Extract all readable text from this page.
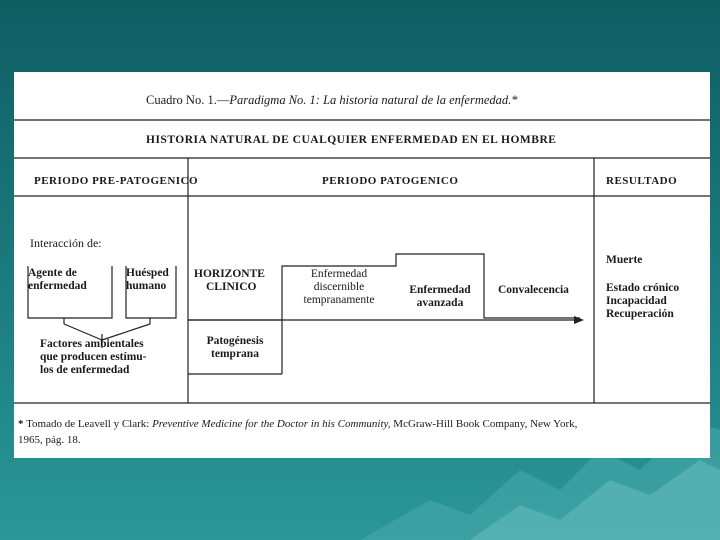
Cuadro No. 1.—Paradigma No. 1: La historia natural de la enfermedad.*
HISTORIA NATURAL DE CUALQUIER ENFERMEDAD EN EL HOMBRE
PERIODO PRE-PATOGENICO	PERIODO PATOGENICO	RESULTADO
Interacción de:
Agente de
enfermedad
Huésped
humano
Factores ambientales
que producen estímu-
los de enfermedad
HORIZONTE
CLINICO
Enfermedad
discernible
tempranamente
Enfermedad
avanzada
Convalecencia
Patogénesis
temprana
Muerte
Estado crónico
Incapacidad
Recuperación
* Tomado de Leavell y Clark: Preventive Medicine for the Doctor in his Community, McGraw-Hill Book Company, New York,
1965, pág. 18.
